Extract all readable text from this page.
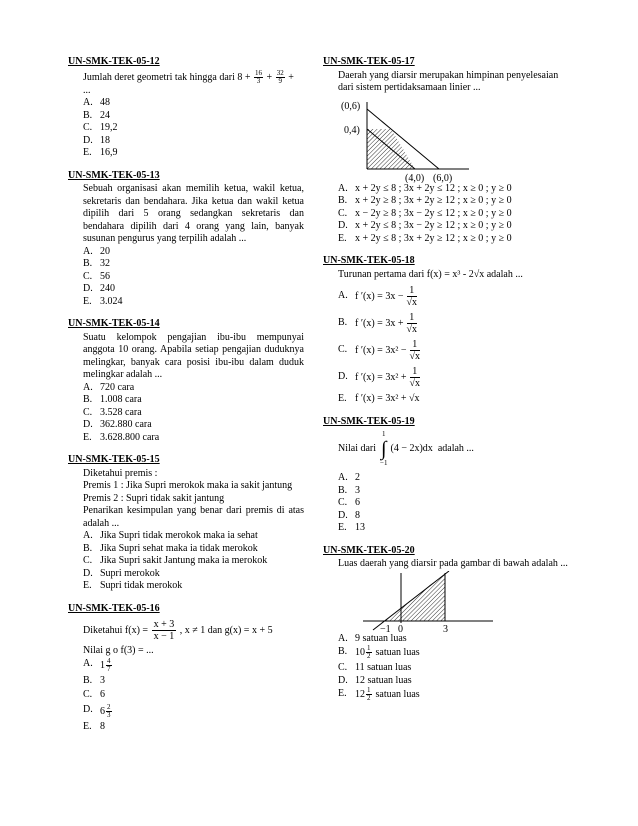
UN-SMK-TEK-05-12
Jumlah deret geometri tak hingga dari $8 + \frac{16}{3} + \frac{32}{9}$ +
...
A. 48
B. 24
C. 19,2
D. 18
E. 16,9
UN-SMK-TEK-05-13
Sebuah organisasi akan memilih ketua, wakil ketua, sekretaris dan bendahara. Jika ketua dan wakil ketua dipilih dari 5 orang sedangkan sekretaris dan bendahara dipilih dari 4 orang yang lain, banyak susunan pengurus yang terpilih adalah ...
A. 20
B. 32
C. 56
D. 240
E. 3.024
UN-SMK-TEK-05-14
Suatu kelompok pengajian ibu-ibu mempunyai anggota 10 orang. Apabila setiap pengajian duduknya melingkar, banyak cara posisi ibu-ibu dalam duduk melingkar adalah ...
A. 720 cara
B. 1.008 cara
C. 3.528 cara
D. 362.880 cara
E. 3.628.800 cara
UN-SMK-TEK-05-15
Diketahui premis :
Premis 1 : Jika Supri merokok maka ia sakit jantung
Premis 2 : Supri tidak sakit jantung
Penarikan kesimpulan yang benar dari premis di atas adalah ...
A. Jika Supri tidak merokok maka ia sehat
B. Jika Supri sehat maka ia tidak merokok
C. Jika Supri sakit Jantung maka ia merokok
D. Supri merokok
E. Supri tidak merokok
UN-SMK-TEK-05-16
Diketahui $f(x) = \frac{x + 3}{x - 1}$ , x ≠ 1 dan g(x) = x + 5
Nilai g o f(3) = ...
A. $1 \frac{4}{7}$
B. 3
C. 6
D. $6 \frac{2}{3}$
E. 8
UN-SMK-TEK-05-17
Daerah yang diarsir merupakan himpinan penyelesaian dari sistem pertidaksamaan linier ...
(0,6)
0,4)
(4,0) (6,0)
A. x + 2y ≤ 8 ; 3x + 2y ≤ 12 ; x ≥ 0 ; y ≥ 0
B. x + 2y ≥ 8 ; 3x + 2y ≥ 12 ; x ≥ 0 ; y ≥ 0
C. x − 2y ≥ 8 ; 3x − 2y ≤ 12 ; x ≥ 0 ; y ≥ 0
D. x + 2y ≤ 8 ; 3x − 2y ≥ 12 ; x ≥ 0 ; y ≥ 0
E. x + 2y ≤ 8 ; 3x + 2y ≥ 12 ; x ≥ 0 ; y ≥ 0
UN-SMK-TEK-05-18
Turunan pertama dari f(x) = x³ - 2√x adalah ...
A. f $'(x) = 3x - \frac{1}{√x}$
B. f $'(x) = 3x + \frac{1}{√x}$
C. f $'(x) = 3x^2 - \frac{1}{√x}$
D. f $'(x) = 3x^2 + \frac{1}{√x}$
E. f ′(x) = 3x² + √x
UN-SMK-TEK-05-19
Nilai dari
1
∫
−1
(4 − 2x)dx adalah ...
A. 2
B. 3
C. 6
D. 8
E. 13
UN-SMK-TEK-05-20
Luas daerah yang diarsir pada gambar di bawah adalah ...
−1 0	3
A. 9 satuan luas
B. $10 \frac{1}{2}$ satuan luas
C. 11 satuan luas
D. 12 satuan luas
E. $12 \frac{1}{2}$ satuan luas
